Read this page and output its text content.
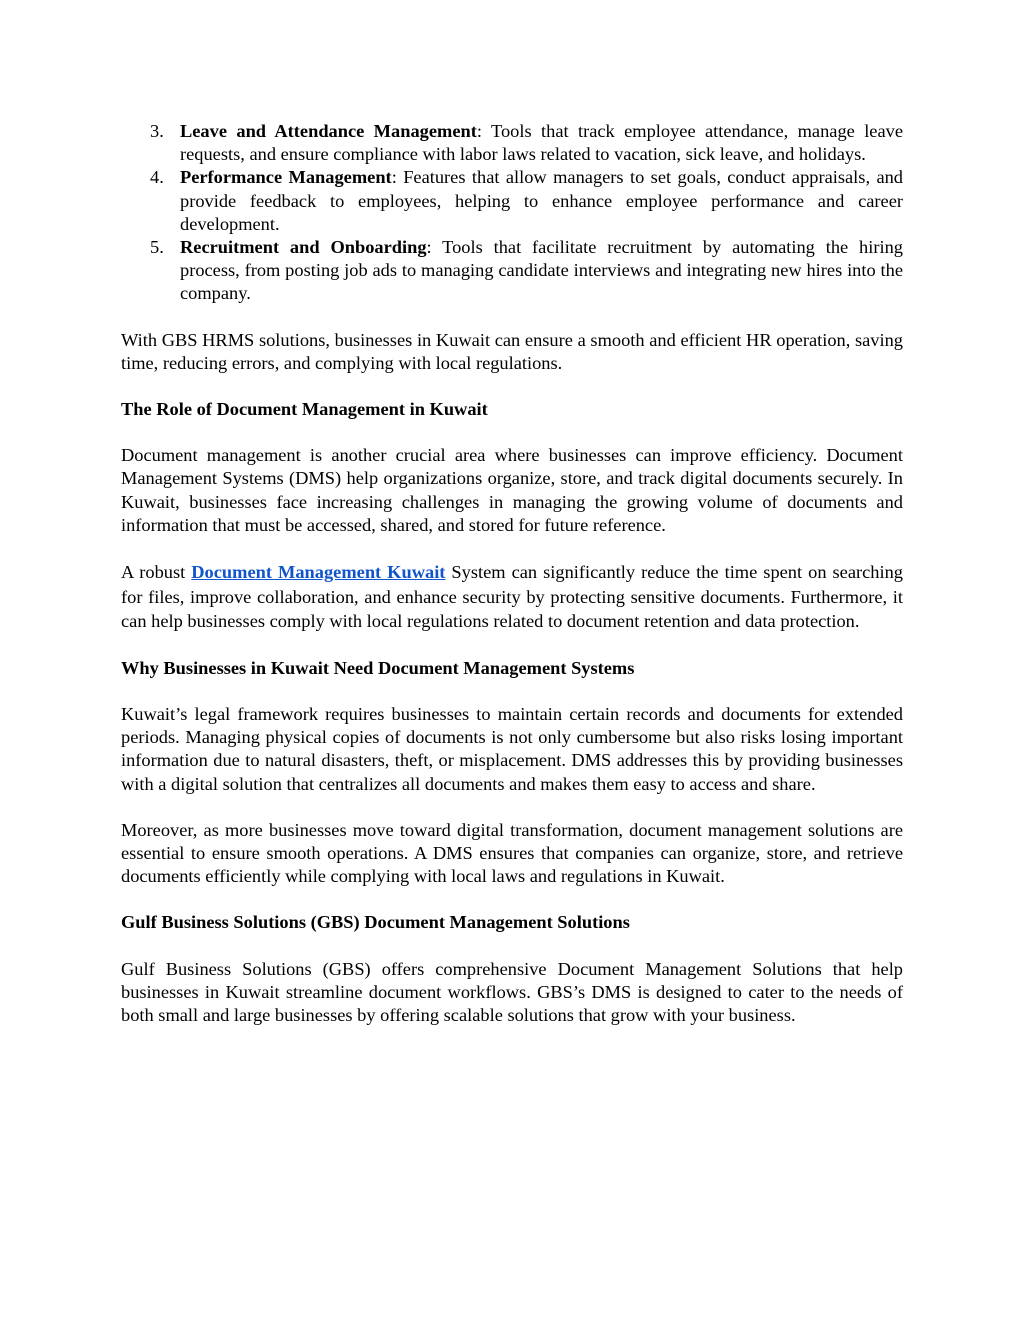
3. Leave and Attendance Management: Tools that track employee attendance, manage leave requests, and ensure compliance with labor laws related to vacation, sick leave, and holidays.
4. Performance Management: Features that allow managers to set goals, conduct appraisals, and provide feedback to employees, helping to enhance employee performance and career development.
5. Recruitment and Onboarding: Tools that facilitate recruitment by automating the hiring process, from posting job ads to managing candidate interviews and integrating new hires into the company.

With GBS HRMS solutions, businesses in Kuwait can ensure a smooth and efficient HR operation, saving time, reducing errors, and complying with local regulations.

The Role of Document Management in Kuwait

Document management is another crucial area where businesses can improve efficiency. Document Management Systems (DMS) help organizations organize, store, and track digital documents securely. In Kuwait, businesses face increasing challenges in managing the growing volume of documents and information that must be accessed, shared, and stored for future reference.

A robust Document Management Kuwait System can significantly reduce the time spent on searching for files, improve collaboration, and enhance security by protecting sensitive documents. Furthermore, it can help businesses comply with local regulations related to document retention and data protection.

Why Businesses in Kuwait Need Document Management Systems

Kuwait’s legal framework requires businesses to maintain certain records and documents for extended periods. Managing physical copies of documents is not only cumbersome but also risks losing important information due to natural disasters, theft, or misplacement. DMS addresses this by providing businesses with a digital solution that centralizes all documents and makes them easy to access and share.

Moreover, as more businesses move toward digital transformation, document management solutions are essential to ensure smooth operations. A DMS ensures that companies can organize, store, and retrieve documents efficiently while complying with local laws and regulations in Kuwait.

Gulf Business Solutions (GBS) Document Management Solutions

Gulf Business Solutions (GBS) offers comprehensive Document Management Solutions that help businesses in Kuwait streamline document workflows. GBS’s DMS is designed to cater to the needs of both small and large businesses by offering scalable solutions that grow with your business.
